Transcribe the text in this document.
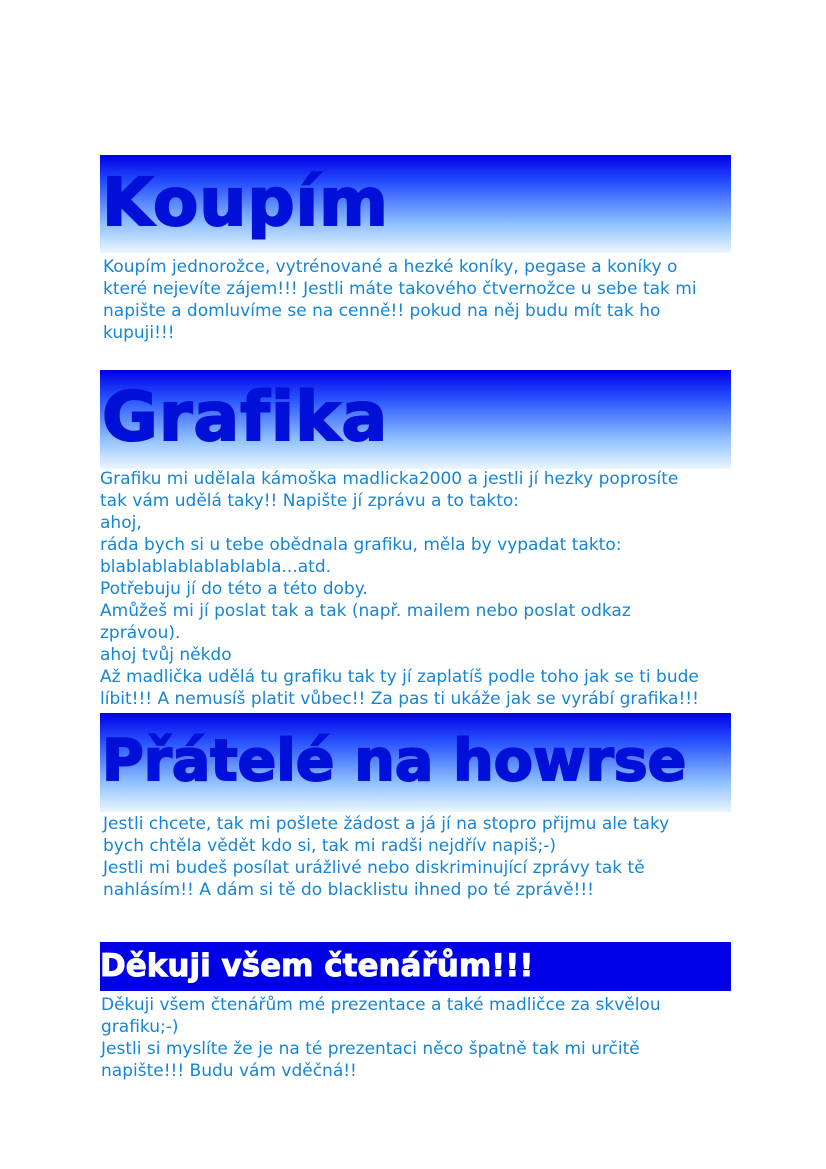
Koupím
Koupím jednorožce, vytrénované a hezké koníky, pegase a koníky o
které nejevíte zájem!!! Jestli máte takového čtvernožce u sebe tak mi
napište a domluvíme se na cenně!! pokud na něj budu mít tak ho
kupuji!!!
Grafika
Grafiku mi udělala kámoška madlicka2000 a jestli jí hezky poprosíte
tak vám udělá taky!! Napište jí zprávu a to takto:
ahoj,
ráda bych si u tebe obědnala grafiku, měla by vypadat takto:
blablablablablablabla...atd.
Potřebuju jí do této a této doby.
Amůžeš mi jí poslat tak a tak (např. mailem nebo poslat odkaz
zprávou).
ahoj tvůj někdo
Až madlička udělá tu grafiku tak ty jí zaplatíš podle toho jak se ti bude
líbit!!! A nemusíš platit vůbec!! Za pas ti ukáže jak se vyrábí grafika!!!
Přátelé na howrse
Jestli chcete, tak mi pošlete žádost a já jí na stopro přijmu ale taky
bych chtěla vědět kdo si, tak mi radši nejdřív napiš;-)
Jestli mi budeš posílat urážlivé nebo diskriminující zprávy tak tě
nahlásím!! A dám si tě do blacklistu ihned po té zprávě!!!
Děkuji všem čtenářům!!!
Děkuji všem čtenářům mé prezentace a také madličce za skvělou
grafiku;-)
Jestli si myslíte že je na té prezentaci něco špatně tak mi určitě
napište!!! Budu vám vděčná!!
